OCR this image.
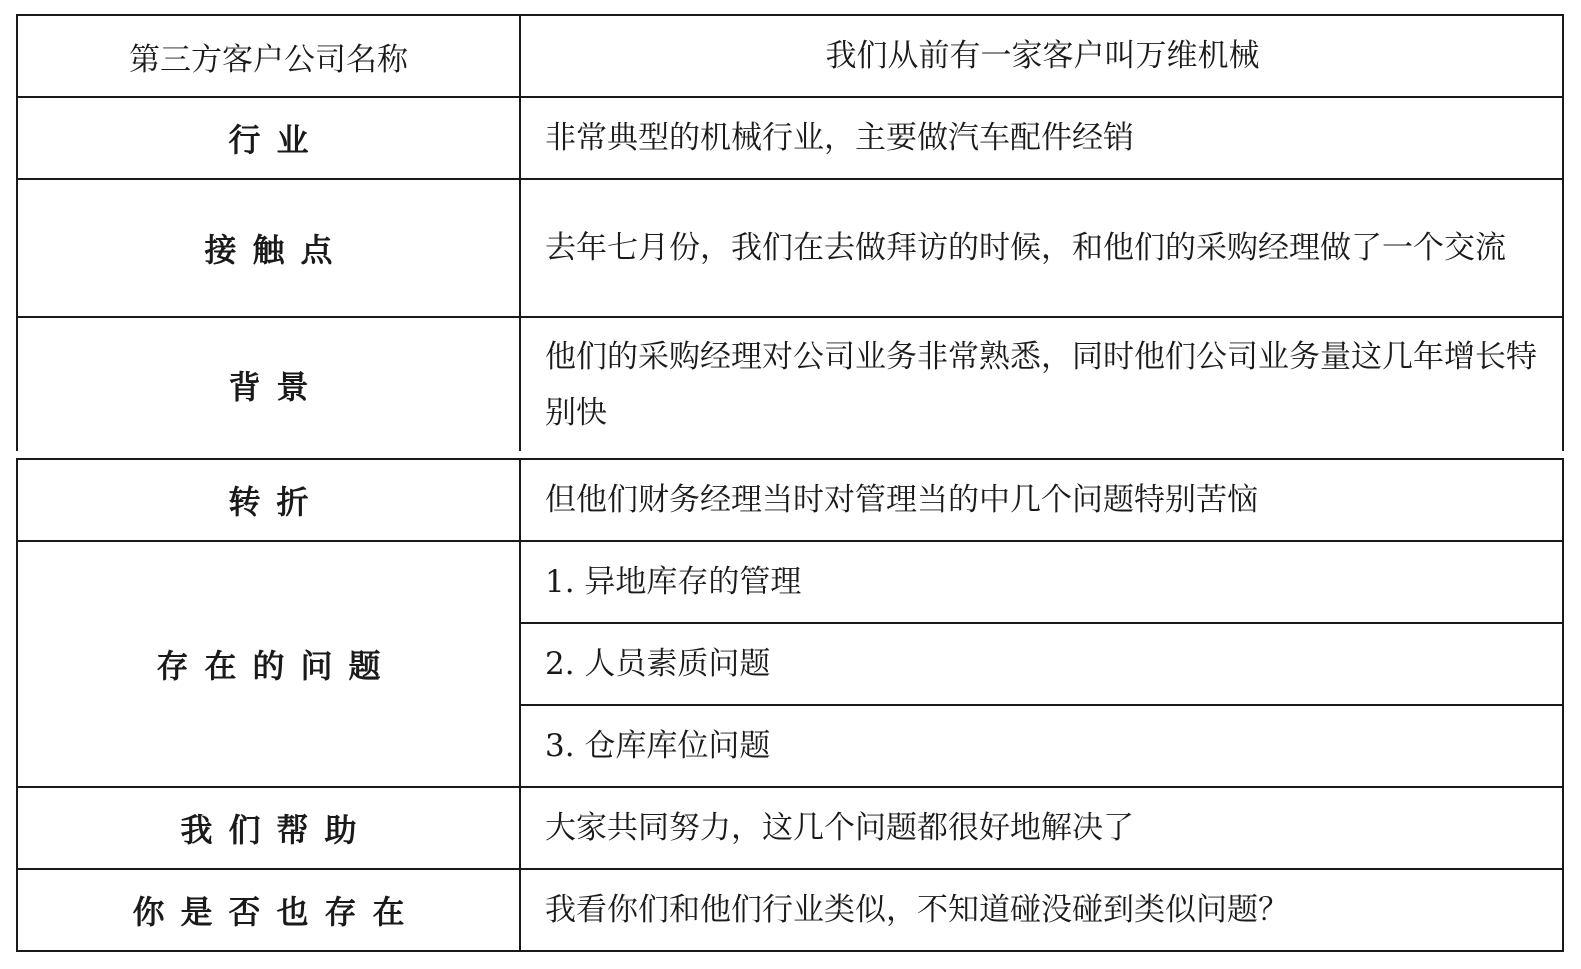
第三方客户公司名称	我们从前有一家客户叫万维机械
行业	非常典型的机械行业，主要做汽车配件经销
接触点	去年七月份，我们在去做拜访的时候，和他们的采购经理做了一个交流
背景	他们的采购经理对公司业务非常熟悉，同时他们公司业务量这几年增长特别快
转折	但他们财务经理当时对管理当的中几个问题特别苦恼
存在的问题	1. 异地库存的管理
	2. 人员素质问题
	3. 仓库库位问题
我们帮助	大家共同努力，这几个问题都很好地解决了
你是否也存在	我看你们和他们行业类似，不知道碰没碰到类似问题？
